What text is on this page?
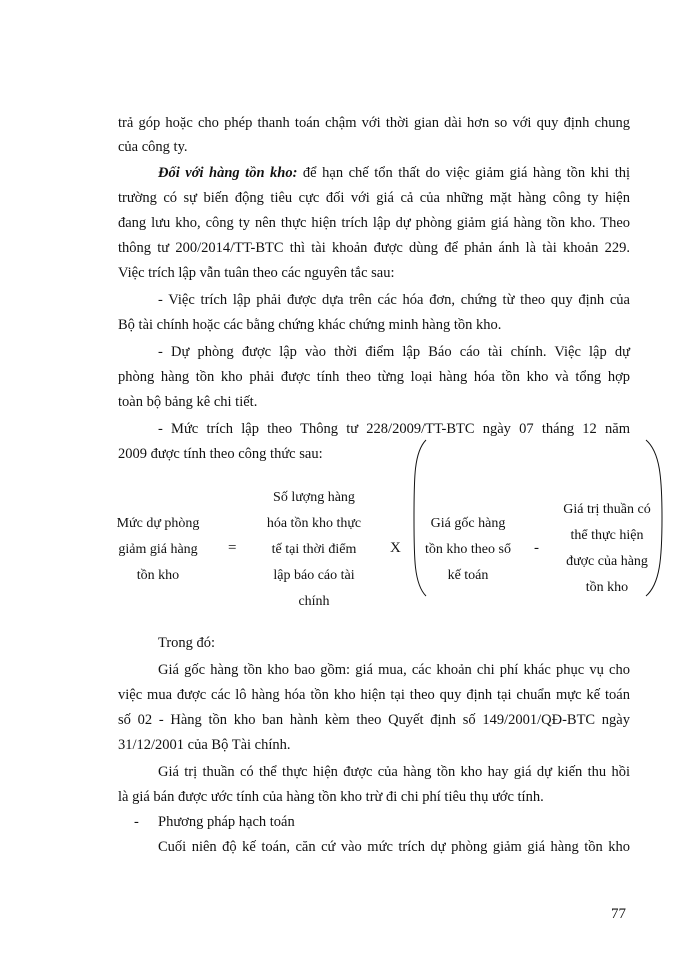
trả góp hoặc cho phép thanh toán chậm với thời gian dài hơn so với quy định chung
của công ty.
Đối với hàng tồn kho: để hạn chế tổn thất do việc giảm giá hàng tồn khi thị
trường có sự biến động tiêu cực đối với giá cả của những mặt hàng công ty hiện
đang lưu kho, công ty nên thực hiện trích lập dự phòng giảm giá hàng tồn kho. Theo
thông tư 200/2014/TT-BTC thì tài khoản được dùng để phản ánh là tài khoản 229.
Việc trích lập vẫn tuân theo các nguyên tắc sau:
- Việc trích lập phải được dựa trên các hóa đơn, chứng từ theo quy định của
Bộ tài chính hoặc các bằng chứng khác chứng minh hàng tồn kho.
- Dự phòng được lập vào thời điểm lập Báo cáo tài chính. Việc lập dự
phòng hàng tồn kho phải được tính theo từng loại hàng hóa tồn kho và tổng hợp
toàn bộ bảng kê chi tiết.
- Mức trích lập theo Thông tư 228/2009/TT-BTC ngày 07 tháng 12 năm
2009 được tính theo công thức sau:
Mức dự phòng
giảm giá hàng
tồn kho
=
Số lượng hàng
hóa tồn kho thực
tế tại thời điểm
lập báo cáo tài
chính
X
Giá gốc hàng
tồn kho theo sổ
kế toán
-
Giá trị thuần có
thể thực hiện
được của hàng
tồn kho
Trong đó:
Giá gốc hàng tồn kho bao gồm: giá mua, các khoản chi phí khác phục vụ cho
việc mua được các lô hàng hóa tồn kho hiện tại theo quy định tại chuẩn mực kế toán
số 02 - Hàng tồn kho ban hành kèm theo Quyết định số 149/2001/QĐ-BTC ngày
31/12/2001 của Bộ Tài chính.
Giá trị thuần có thể thực hiện được của hàng tồn kho hay giá dự kiến thu hồi
là giá bán được ước tính của hàng tồn kho trừ đi chi phí tiêu thụ ước tính.
- Phương pháp hạch toán
Cuối niên độ kế toán, căn cứ vào mức trích dự phòng giảm giá hàng tồn kho
77
